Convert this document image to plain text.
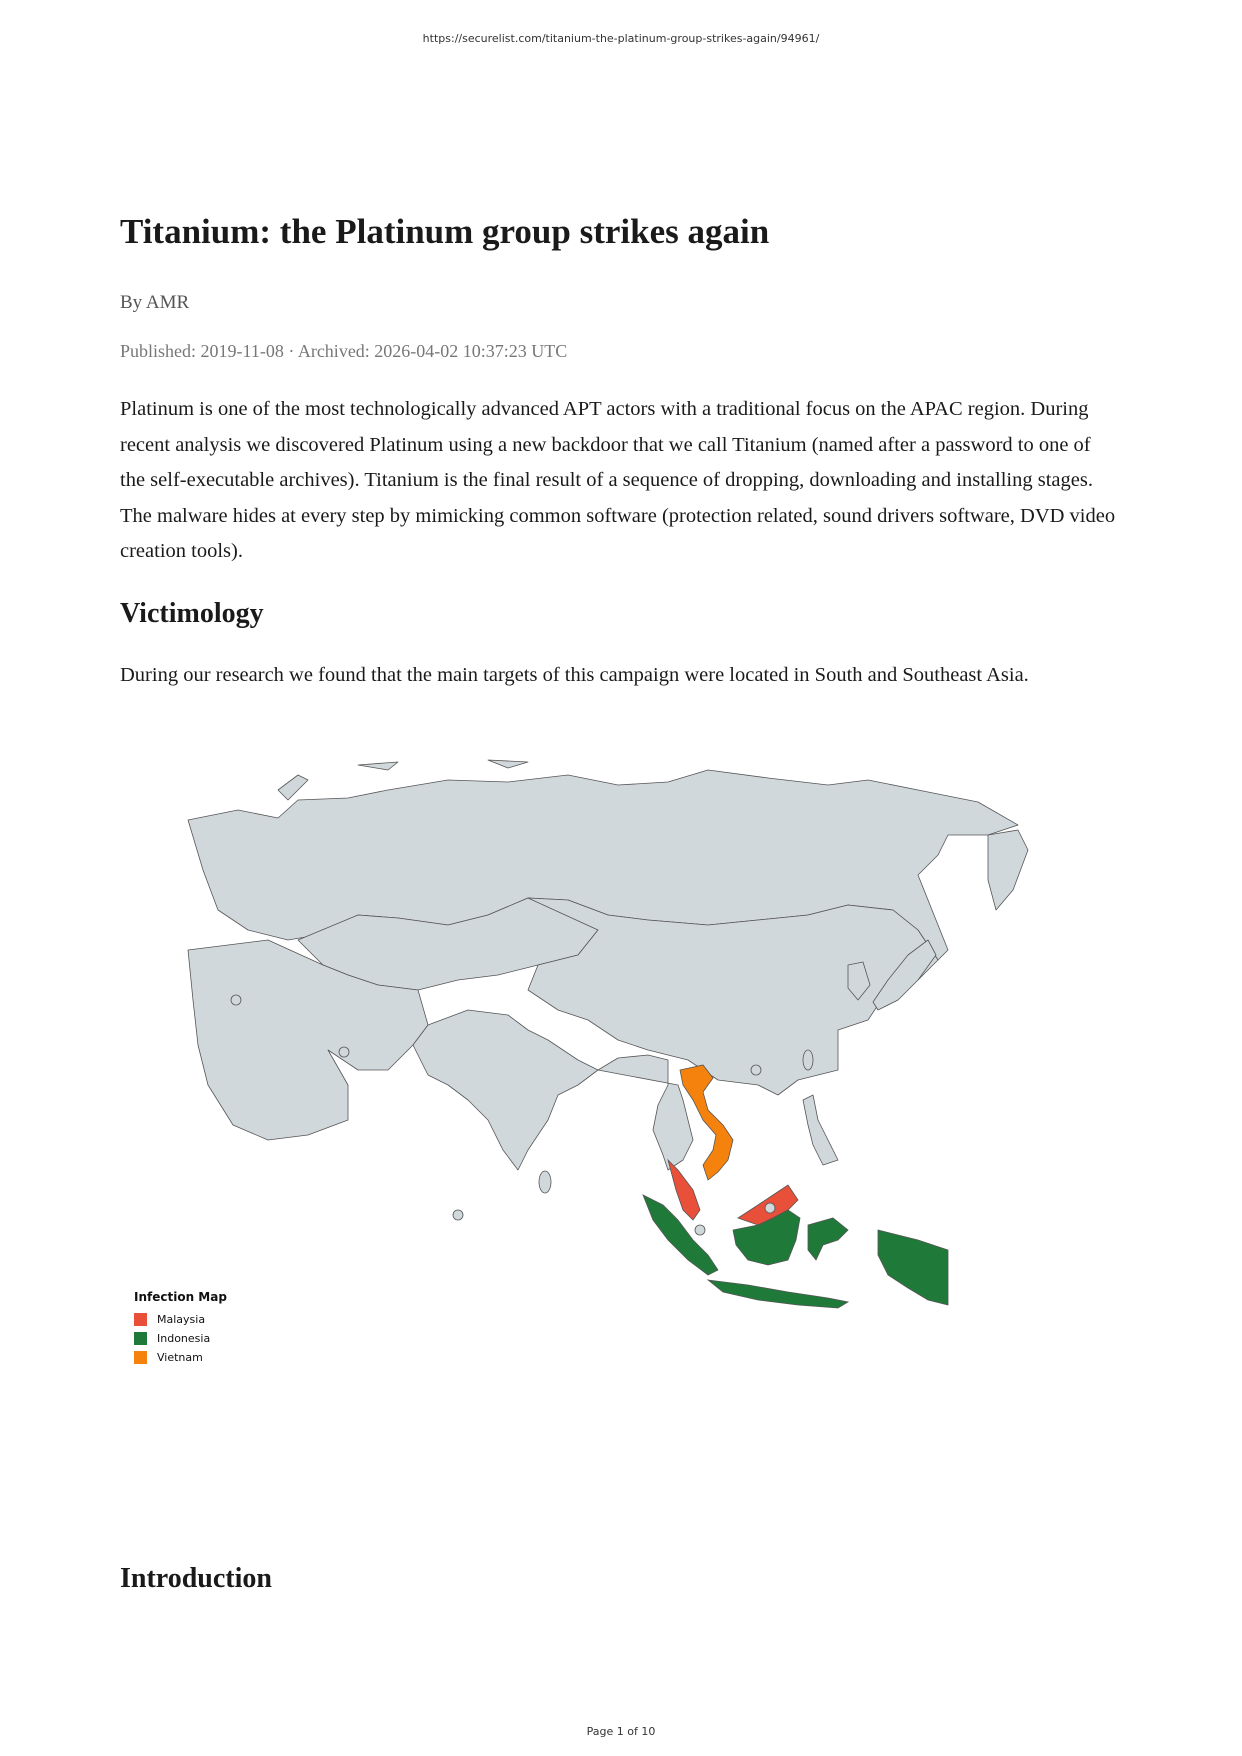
https://securelist.com/titanium-the-platinum-group-strikes-again/94961/
Titanium: the Platinum group strikes again
By AMR
Published: 2019-11-08 · Archived: 2026-04-02 10:37:23 UTC

Platinum is one of the most technologically advanced APT actors with a traditional focus on the APAC region. During recent analysis we discovered Platinum using a new backdoor that we call Titanium (named after a password to one of the self-executable archives). Titanium is the final result of a sequence of dropping, downloading and installing stages. The malware hides at every step by mimicking common software (protection related, sound drivers software, DVD video creation tools).

Victimology

During our research we found that the main targets of this campaign were located in South and Southeast Asia.

Introduction
Infection Map
Malaysia
Indonesia
Vietnam
Page 1 of 10
